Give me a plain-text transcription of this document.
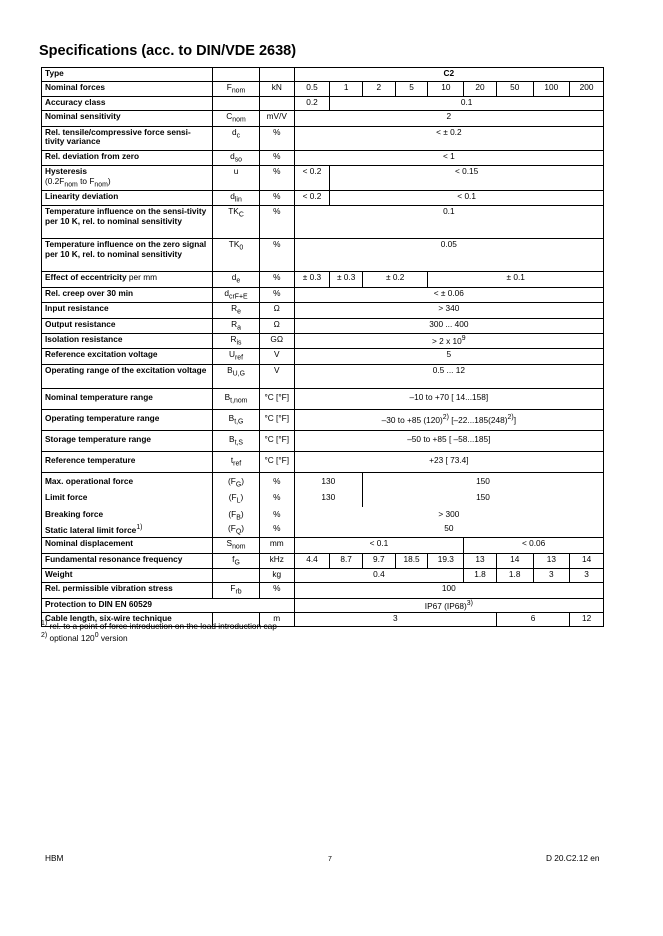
Specifications (acc. to DIN/VDE 2638)
Type			C2								
Nominal forces	$F_{nom}$	kN	0.5	1	2	5	10	20	50	100	200
Accuracy class			0.2	0.1							
Nominal sensitivity	$C_{nom}$	mV/V	2								
Rel. tensile/compressive force sensi-tivity variance	$d_c$	%	< ± 0.2								
Rel. deviation from zero	$d_{so}$	%	< 1								
Hysteresis
($0.2F_{nom}$ to $F_{nom}$)	u	%	< 0.2	< 0.15							
Linearity deviation	$d_{lin}$	%	< 0.2	< 0.1							
Temperature influence on the sensi-tivity per 10 K, rel. to nominal sensitivity	$TK_C$	%	0.1								
Temperature influence on the zero signal per 10 K, rel. to nominal sensitivity	$TK_0$	%	0.05								
Effect of eccentricity per mm	$d_e$	%	± 0.3	± 0.3	± 0.2		± 0.1				
Rel. creep over 30 min	$d_{crF+E}$	%	< ± 0.06								
Input resistance	$R_e$	Ω	> 340								
Output resistance	$R_a$	Ω	300 ... 400								
Isolation resistance	$R_{is}$	GΩ	> 2 x $10^9$
Reference excitation voltage	$U_{ref}$	V	5								
Operating range of the excitation voltage	$B_{U,G}$	V	0.5 ... 12								
Nominal temperature range	$B_{t,nom}$	°C [°F]	–10 to +70 [ 14...158]								
Operating temperature range	$B_{t,G}$	°C [°F]	–30 to +85 $(120)^{2)}$ $[-22...185(248)^{2)}]$								
Storage temperature range	$B_{t,S}$	°C [°F]	–50 to +85 [ –58...185]								
Reference temperature	$t_{ref}$	°C [°F]	+23 [ 73.4]								
Max. operational force	$(F_G)$	%	130		150						
Limit force	$(F_L)$	%	130		150						
Breaking force	$(F_B)$	%	> 300								
Static lateral limit force$^{1)}$	$(F_Q)$	%	50								
Nominal displacement	$S_{nom}$	mm	< 0.1					< 0.06			
Fundamental resonance frequency	$f_G$	kHz	4.4	8.7	9.7	18.5	19.3	13	14	13	14
Weight		kg	0.4					1.8	1.8	3	3
Rel. permissible vibration stress	$F_{rb}$	%	100								
Protection to DIN EN 60529			IP67 $(IP68)^{3)}$
Cable length, six-wire technique		m	3						6		12
$^{1)}$ rel. to a point of force introduction on the load introduction cap
$^{2)}$ optional $120^0$ version
HBM	7	D 20.C2.12 en
